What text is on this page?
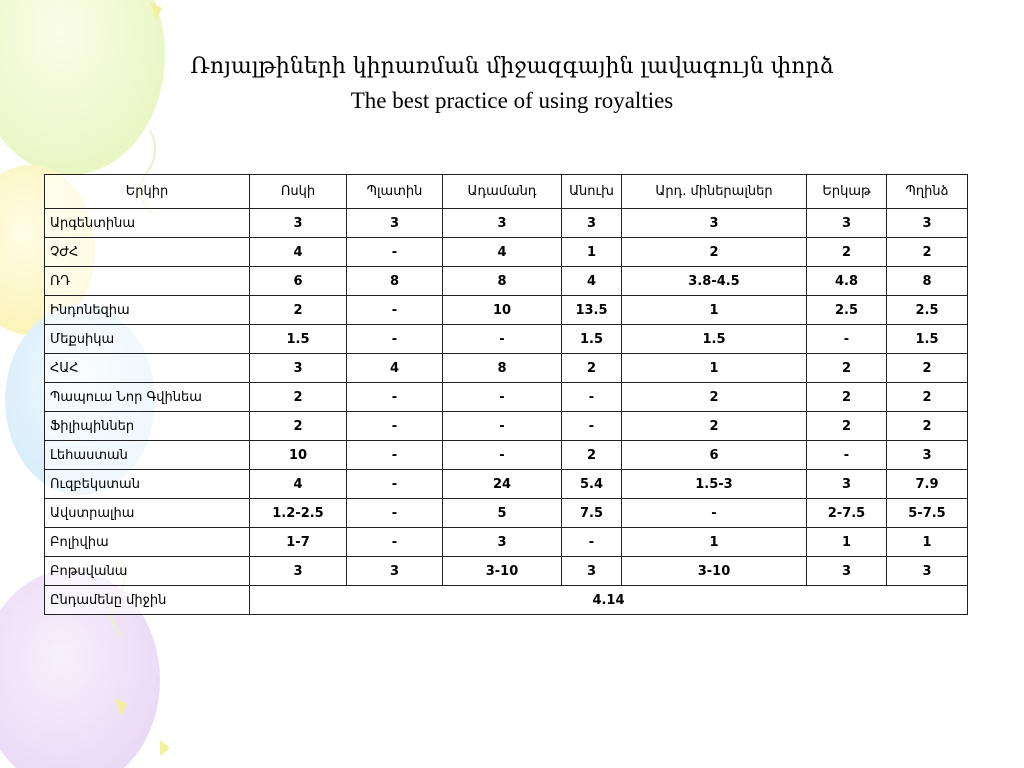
Ռոյալթիների կիրառման միջազգային լավագույն փորձ
The best practice of using royalties
Երկիր	Ոսկի	Պլատին	Ադամանդ	Անուխ	Արդ. միներալներ	Երկաթ	Պղինձ
Արգենտինա	3	3	3	3	3	3	3
ՉԺՀ	4	-	4	1	2	2	2
ՌԴ	6	8	8	4	3.8-4.5	4.8	8
Ինդոնեզիա	2	-	10	13.5	1	2.5	2.5
Մեքսիկա	1.5	-	-	1.5	1.5	-	1.5
ՀԱՀ	3	4	8	2	1	2	2
Պապուա Նոր Գվինեա	2	-	-	-	2	2	2
Ֆիլիպիններ	2	-	-	-	2	2	2
Լեհաստան	10	-	-	2	6	-	3
Ուզբեկստան	4	-	24	5.4	1.5-3	3	7.9
Ավստրալիա	1.2-2.5	-	5	7.5	-	2-7.5	5-7.5
Բոլիվիա	1-7	-	3	-	1	1	1
Բոթսվանա	3	3	3-10	3	3-10	3	3
Ընդամենը միջին	4.14						
